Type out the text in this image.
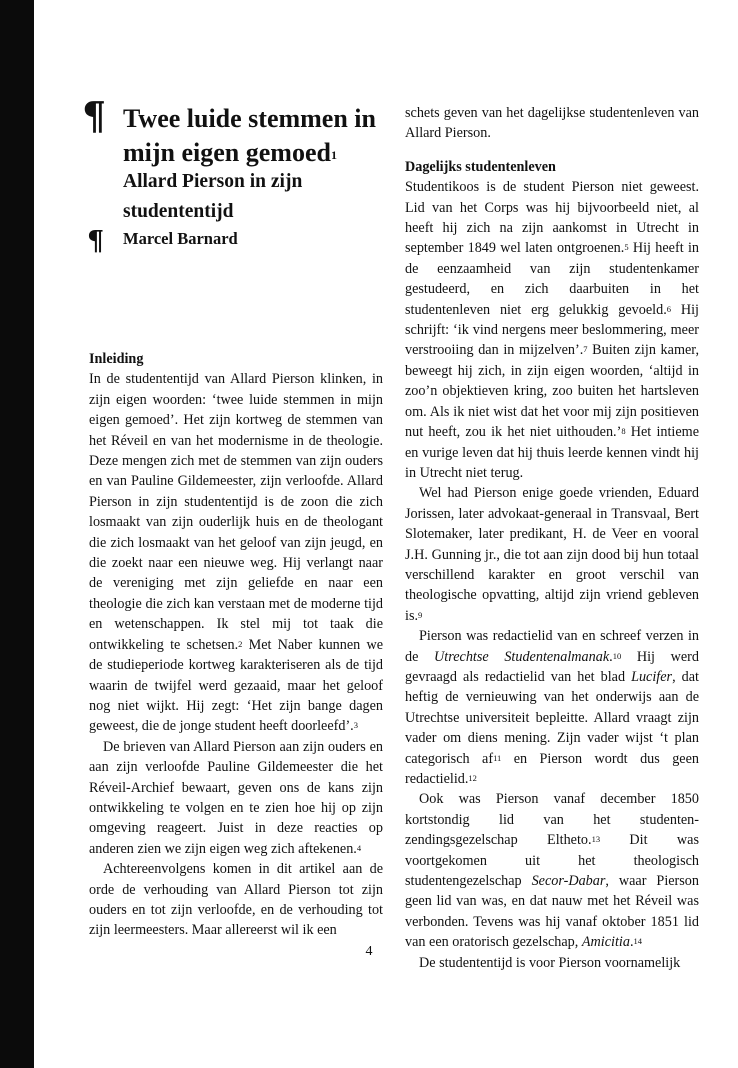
¶ Twee luide stemmen in mijn eigen gemoed$^1$
Allard Pierson in zijn studententijd
¶ Marcel Barnard
Inleiding

In de studententijd van Allard Pierson klinken, in zijn eigen woorden: ‘twee luide stemmen in mijn eigen gemoed’. Het zijn kortweg de stemmen van het Réveil en van het modernisme in de theologie. Deze mengen zich met de stemmen van zijn ouders en van Pauline Gildemeester, zijn verloofde. Allard Pierson in zijn studententijd is de zoon die zich losmaakt van zijn ouderlijk huis en de theologant die zich losmaakt van het geloof van zijn jeugd, en die zoekt naar een nieuwe weg. Hij verlangt naar de vereniging met zijn geliefde en naar een theologie die zich kan verstaan met de moderne tijd en wetenschappen. Ik stel mij tot taak die ontwikkeling te schetsen.$^2$ Met Naber kunnen we de studieperiode kortweg karakteriseren als de tijd waarin de twijfel werd gezaaid, maar het geloof nog niet wijkt. Hij zegt: ‘Het zijn bange dagen geweest, die de jonge student heeft doorleefd’.$^3$

De brieven van Allard Pierson aan zijn ouders en aan zijn verloofde Pauline Gildemeester die het Réveil-Archief bewaart, geven ons de kans zijn ontwikkeling te volgen en te zien hoe hij op zijn omgeving reageert. Juist in deze reacties op anderen zien we zijn eigen weg zich aftekenen.$^4$

Achtereenvolgens komen in dit artikel aan de orde de verhouding van Allard Pierson tot zijn ouders en tot zijn verloofde, en de verhouding tot zijn leermeesters. Maar allereerst wil ik een

schets geven van het dagelijkse studentenleven van Allard Pierson.

Dagelijks studentenleven

Studentikoos is de student Pierson niet geweest. Lid van het Corps was hij bijvoorbeeld niet, al heeft hij zich na zijn aankomst in Utrecht in september 1849 wel laten ontgroenen.$^5$ Hij heeft in de eenzaamheid van zijn studentenkamer gestudeerd, en zich daarbuiten in het studentenleven niet erg gelukkig gevoeld.$^6$ Hij schrijft: ‘ik vind nergens meer beslommering, meer verstrooiing dan in mijzelven’.$^7$ Buiten zijn kamer, beweegt hij zich, in zijn eigen woorden, ‘altijd in zoo’n objektieven kring, zoo buiten het hartsleven om. Als ik niet wist dat het voor mij zijn positieven nut heeft, zou ik het niet uithouden.’$^8$ Het intieme en vurige leven dat hij thuis leerde kennen vindt hij in Utrecht niet terug.

Wel had Pierson enige goede vrienden, Eduard Jorissen, later advokaat-generaal in Transvaal, Bert Slotemaker, later predikant, H. de Veer en vooral J.H. Gunning jr., die tot aan zijn dood bij hun totaal verschillend karakter en groot verschil van theologische opvatting, altijd zijn vriend gebleven is.$^9$

Pierson was redactielid van en schreef verzen in de Utrechtse Studentenalmanak.$^{10}$ Hij werd gevraagd als redactielid van het blad Lucifer, dat heftig de vernieuwing van het onderwijs aan de Utrechtse universiteit bepleitte. Allard vraagt zijn vader om diens mening. Zijn vader wijst ‘t plan categorisch af$^{11}$ en Pierson wordt dus geen redactielid.$^{12}$

Ook was Pierson vanaf december 1850 kortstondig lid van het studenten-zendingsgezelschap Eltheto.$^{13}$ Dit was voortgekomen uit het theologisch studentengezelschap Secor-Dabar, waar Pierson geen lid van was, en dat nauw met het Réveil was verbonden. Tevens was hij vanaf oktober 1851 lid van een oratorisch gezelschap, Amicitia.$^{14}$

De studententijd is voor Pierson voornamelijk

4
